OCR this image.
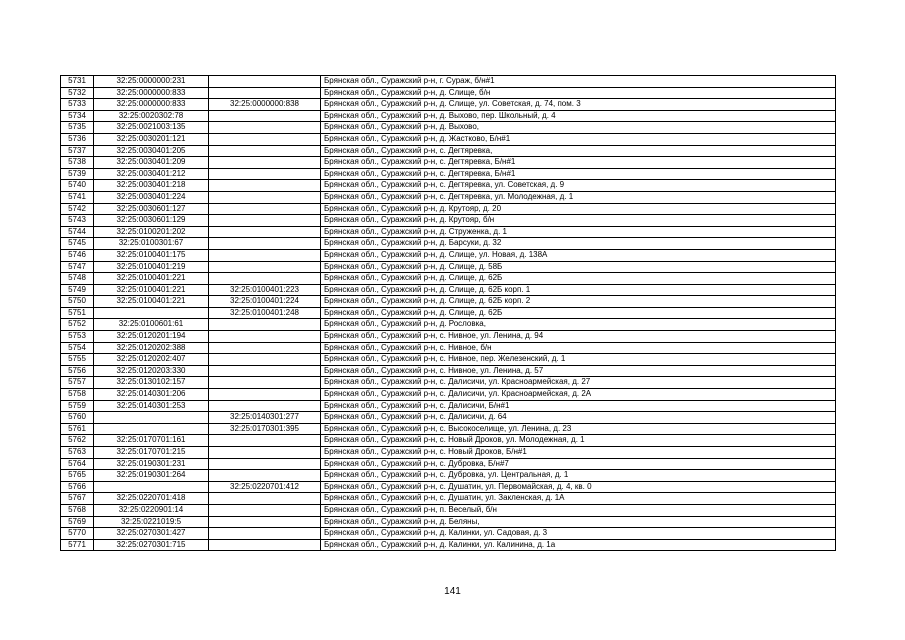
5731	32:25:0000000:231		Брянская обл., Суражский р-н, г. Сураж, б/н#1
5732	32:25:0000000:833		Брянская обл., Суражский р-н, д. Слище, б/н
5733	32:25:0000000:833	32:25:0000000:838	Брянская обл., Суражский р-н, д. Слище, ул. Советская, д. 74, пом. 3
5734	32:25:0020302:78		Брянская обл., Суражский р-н, д. Выхово, пер. Школьный, д. 4
5735	32:25:0021003:135		Брянская обл., Суражский р-н, д. Выхово,
5736	32:25:0030201:121		Брянская обл., Суражский р-н, д. Жастково, Б/н#1
5737	32:25:0030401:205		Брянская обл., Суражский р-н, с. Дегтяревка,
5738	32:25:0030401:209		Брянская обл., Суражский р-н, с. Дегтяревка, Б/н#1
5739	32:25:0030401:212		Брянская обл., Суражский р-н, с. Дегтяревка, Б/н#1
5740	32:25:0030401:218		Брянская обл., Суражский р-н, с. Дегтяревка, ул. Советская, д. 9
5741	32:25:0030401:224		Брянская обл., Суражский р-н, с. Дегтяревка, ул. Молодежная, д. 1
5742	32:25:0030601:127		Брянская обл., Суражский р-н, д. Крутояр, д. 20
5743	32:25:0030601:129		Брянская обл., Суражский р-н, д. Крутояр, б/н
5744	32:25:0100201:202		Брянская обл., Суражский р-н, д. Струженка, д. 1
5745	32:25:0100301:67		Брянская обл., Суражский р-н, д. Барсуки, д. 32
5746	32:25:0100401:175		Брянская обл., Суражский р-н, д. Слище, ул. Новая, д. 138А
5747	32:25:0100401:219		Брянская обл., Суражский р-н, д. Слище, д. 58Б
5748	32:25:0100401:221		Брянская обл., Суражский р-н, д. Слище, д. 62Б
5749	32:25:0100401:221	32:25:0100401:223	Брянская обл., Суражский р-н, д. Слище, д. 62Б корп. 1
5750	32:25:0100401:221	32:25:0100401:224	Брянская обл., Суражский р-н, д. Слище, д. 62Б корп. 2
5751		32:25:0100401:248	Брянская обл., Суражский р-н, д. Слище, д. 62Б
5752	32:25:0100601:61		Брянская обл., Суражский р-н, д. Рословка,
5753	32:25:0120201:194		Брянская обл., Суражский р-н, с. Нивное, ул. Ленина, д. 94
5754	32:25:0120202:388		Брянская обл., Суражский р-н, с. Нивное, б/н
5755	32:25:0120202:407		Брянская обл., Суражский р-н, с. Нивное, пер. Железенский, д. 1
5756	32:25:0120203:330		Брянская обл., Суражский р-н, с. Нивное, ул. Ленина, д. 57
5757	32:25:0130102:157		Брянская обл., Суражский р-н, с. Далисичи, ул. Красноармейская, д. 27
5758	32:25:0140301:206		Брянская обл., Суражский р-н, с. Далисичи, ул. Красноармейская, д. 2А
5759	32:25:0140301:253		Брянская обл., Суражский р-н, с. Далисичи, Б/н#1
5760		32:25:0140301:277	Брянская обл., Суражский р-н, с. Далисичи, д. 64
5761		32:25:0170301:395	Брянская обл., Суражский р-н, с. Высокоселище, ул. Ленина, д. 23
5762	32:25:0170701:161		Брянская обл., Суражский р-н, с. Новый Дроков, ул. Молодежная, д. 1
5763	32:25:0170701:215		Брянская обл., Суражский р-н, с. Новый Дроков, Б/н#1
5764	32:25:0190301:231		Брянская обл., Суражский р-н, с. Дубровка, Б/н#7
5765	32:25:0190301:264		Брянская обл., Суражский р-н, с. Дубровка, ул. Центральная, д. 1
5766		32:25:0220701:412	Брянская обл., Суражский р-н, с. Душатин, ул. Первомайская, д. 4, кв. 0
5767	32:25:0220701:418		Брянская обл., Суражский р-н, с. Душатин, ул. Закленская, д. 1А
5768	32:25:0220901:14		Брянская обл., Суражский р-н, п. Веселый, б/н
5769	32:25:0221019:5		Брянская обл., Суражский р-н, д. Беляны,
5770	32:25:0270301:427		Брянская обл., Суражский р-н, д. Калинки, ул. Садовая, д. 3
5771	32:25:0270301:715		Брянская обл., Суражский р-н, д. Калинки, ул. Калинина, д. 1а
141
